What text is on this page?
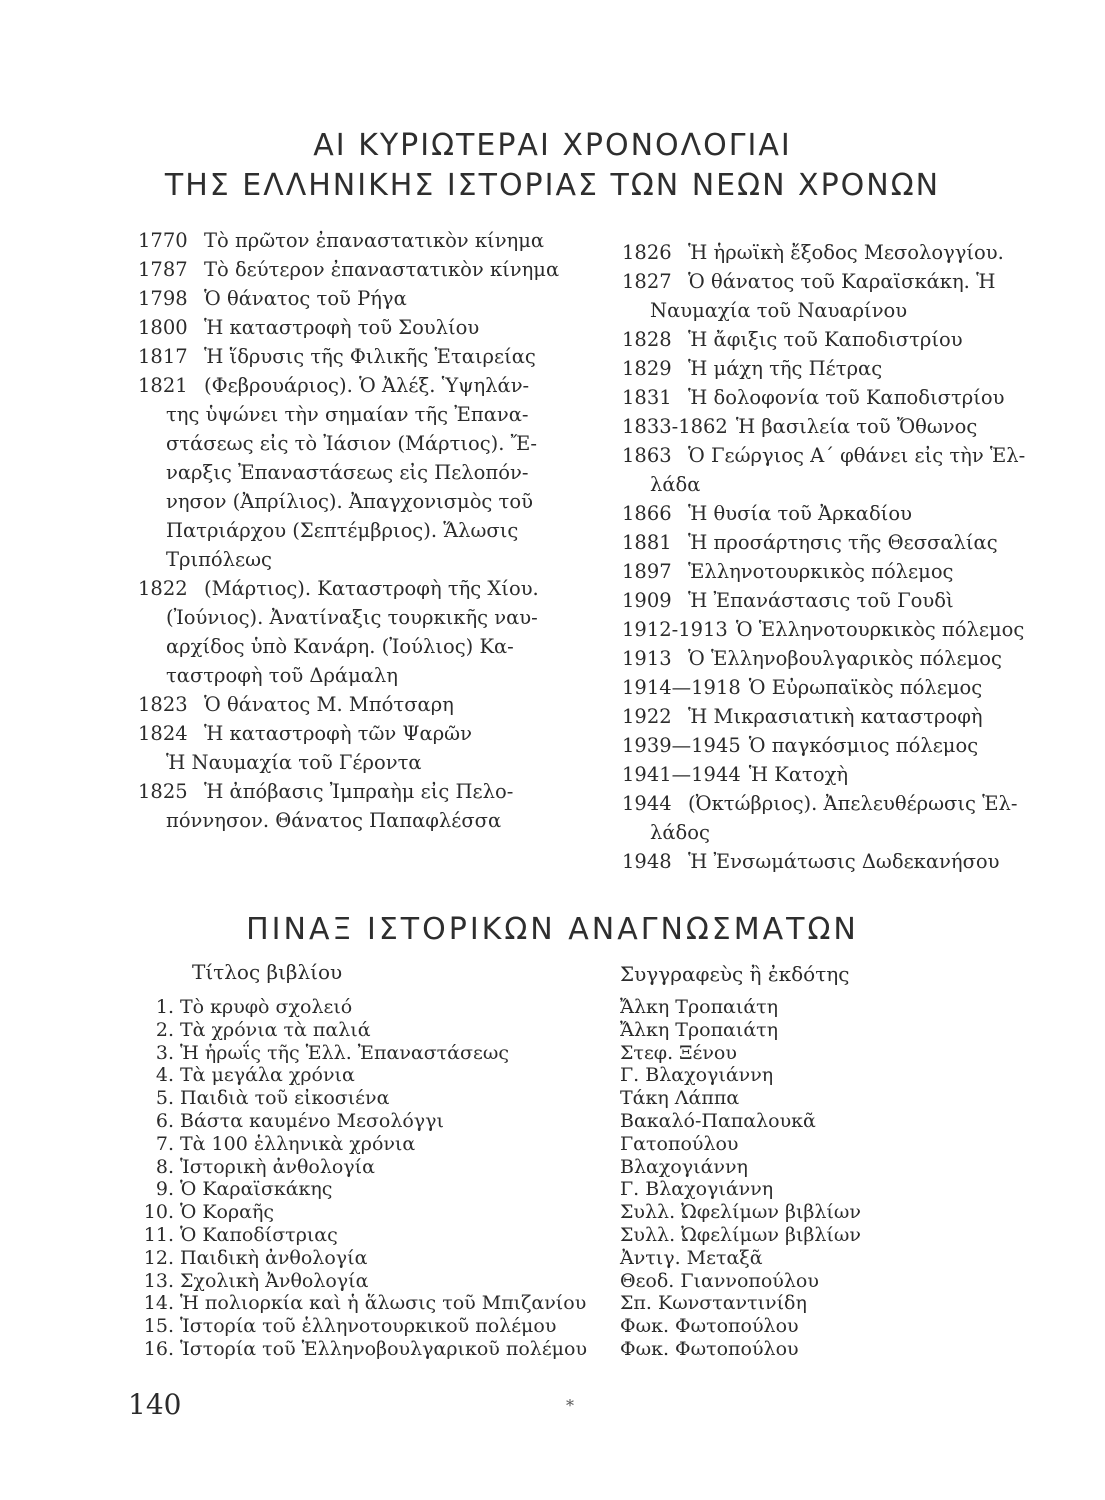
ΑΙ ΚΥΡΙΩΤΕΡΑΙ ΧΡΟΝΟΛΟΓΙΑΙ
ΤΗΣ ΕΛΛΗΝΙΚΗΣ ΙΣΤΟΡΙΑΣ ΤΩΝ ΝΕΩΝ ΧΡΟΝΩΝ
1770 Τὸ πρῶτον ἐπαναστατικὸν κίνημα
1787 Τὸ δεύτερον ἐπαναστατικὸν κίνημα
1798 Ὁ θάνατος τοῦ Ρήγα
1800 Ἡ καταστροφὴ τοῦ Σουλίου
1817 Ἡ ἵδρυσις τῆς Φιλικῆς Ἑταιρείας
1821 (Φεβρουάριος). Ὁ Ἀλέξ. Ὑψηλάν-
της ὑψώνει τὴν σημαίαν τῆς Ἐπανα-
στάσεως εἰς τὸ Ἰάσιον (Μάρτιος). Ἔ-
ναρξις Ἐπαναστάσεως εἰς Πελοπόν-
νησον (Ἀπρίλιος). Ἀπαγχονισμὸς τοῦ
Πατριάρχου (Σεπτέμβριος). Ἅλωσις
Τριπόλεως
1822 (Μάρτιος). Καταστροφὴ τῆς Χίου.
(Ἰούνιος). Ἀνατίναξις τουρκικῆς ναυ-
αρχίδος ὑπὸ Κανάρη. (Ἰούλιος) Κα-
ταστροφὴ τοῦ Δράμαλη
1823 Ὁ θάνατος Μ. Μπότσαρη
1824 Ἡ καταστροφὴ τῶν Ψαρῶν
Ἡ Ναυμαχία τοῦ Γέροντα
1825 Ἡ ἀπόβασις Ἰμπραὴμ εἰς Πελο-
πόννησον. Θάνατος Παπαφλέσσα
1826 Ἡ ἡρωϊκὴ ἔξοδος Μεσολογγίου.
1827 Ὁ θάνατος τοῦ Καραϊσκάκη. Ἡ
Ναυμαχία τοῦ Ναυαρίνου
1828 Ἡ ἄφιξις τοῦ Καποδιστρίου
1829 Ἡ μάχη τῆς Πέτρας
1831 Ἡ δολοφονία τοῦ Καποδιστρίου
1833-1862 Ἡ βασιλεία τοῦ Ὄθωνος
1863 Ὁ Γεώργιος Α΄ φθάνει εἰς τὴν Ἑλ-
λάδα
1866 Ἡ θυσία τοῦ Ἀρκαδίου
1881 Ἡ προσάρτησις τῆς Θεσσαλίας
1897 Ἑλληνοτουρκικὸς πόλεμος
1909 Ἡ Ἐπανάστασις τοῦ Γουδὶ
1912-1913 Ὁ Ἑλληνοτουρκικὸς πόλεμος
1913 Ὁ Ἑλληνοβουλγαρικὸς πόλεμος
1914—1918 Ὁ Εὐρωπαϊκὸς πόλεμος
1922 Ἡ Μικρασιατικὴ καταστροφὴ
1939—1945 Ὁ παγκόσμιος πόλεμος
1941—1944 Ἡ Κατοχὴ
1944 (Ὀκτώβριος). Ἀπελευθέρωσις Ἑλ-
λάδος
1948 Ἡ Ἐνσωμάτωσις Δωδεκανήσου
ΠΙΝΑΞ ΙΣΤΟΡΙΚΩΝ ΑΝΑΓΝΩΣΜΑΤΩΝ
Τίτλος βιβλίου	Συγγραφεὺς ἢ ἐκδότης
1. Τὸ κρυφὸ σχολειό	Ἄλκη Τροπαιάτη
2. Τὰ χρόνια τὰ παλιά	Ἄλκη Τροπαιάτη
3. Ἡ ἡρωΐς τῆς Ἑλλ. Ἐπαναστάσεως	Στεφ. Ξένου
4. Τὰ μεγάλα χρόνια	Γ. Βλαχογιάννη
5. Παιδιὰ τοῦ εἰκοσιένα	Τάκη Λάππα
6. Βάστα καυμένο Μεσολόγγι	Βακαλό-Παπαλουκᾶ
7. Τὰ 100 ἑλληνικὰ χρόνια	Γατοπούλου
8. Ἱστορικὴ ἀνθολογία	Βλαχογιάννη
9. Ὁ Καραϊσκάκης	Γ. Βλαχογιάννη
10. Ὁ Κοραῆς	Συλλ. Ὠφελίμων βιβλίων
11. Ὁ Καποδίστριας	Συλλ. Ὠφελίμων βιβλίων
12. Παιδικὴ ἀνθολογία	Ἀντιγ. Μεταξᾶ
13. Σχολικὴ Ἀνθολογία	Θεοδ. Γιαννοπούλου
14. Ἡ πολιορκία καὶ ἡ ἅλωσις τοῦ Μπιζανίου	Σπ. Κωνσταντινίδη
15. Ἱστορία τοῦ ἑλληνοτουρκικοῦ πολέμου	Φωκ. Φωτοπούλου
16. Ἱστορία τοῦ Ἑλληνοβουλγαρικοῦ πολέμου	Φωκ. Φωτοπούλου
140	*
